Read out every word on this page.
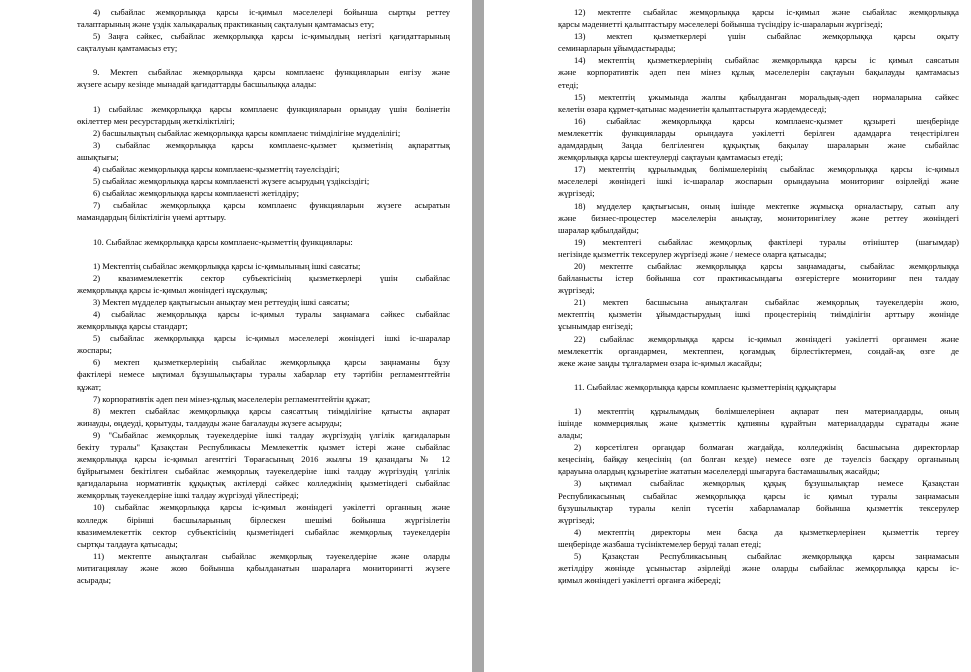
4) сыбайлас жемқорлыққа қарсы іс-қимыл мәселелері бойынша сыртқы реттеу
талаптарының және үздік халықаралық практиканың сақталуын қамтамасыз ету;
5) Заңға сәйкес, сыбайлас жемқорлыққа қарсы іс-қимылдың негізгі қағидаттарының
сақталуын қамтамасыз ету;
9. Мектеп сыбайлас жемқорлыққа қарсы комплаенс функцияларын енгізу және
жүзеге асыру кезінде мынадай қағидаттарды басшылыққа алады:
1) сыбайлас жемқорлыққа қарсы комплаенс функцияларын орындау үшін бөлінетін
өкілеттер мен ресурстардың жеткіліктілігі;
2) басшылықтың сыбайлас жемқорлыққа қарсы комплаенс тиімділігіне мүдделілігі;
3) сыбайлас жемқорлыққа қарсы комплаенс-қызмет қызметінің ақпараттық
ашықтығы;
4) сыбайлас жемқорлыққа қарсы комплаенс-қызметтің тәуелсіздігі;
5) сыбайлас жемқорлыққа қарсы комплаенсті жүзеге асырудың үздіксіздігі;
6) сыбайлас жемқорлыққа қарсы комплаенсті жетілдіру;
7) сыбайлас жемқорлыққа қарсы комплаенс функцияларын жүзеге асыратын
мамандардың біліктілігін үнемі арттыру.
10. Сыбайлас жемқорлыққа қарсы комплаенс-қызметтің функциялары:
1) Мектептің сыбайлас жемқорлыққа қарсы іс-қимылының ішкі саясаты;
2) квазимемлекеттік сектор субъектісінің қызметкерлері үшін сыбайлас
жемқорлыққа қарсы іс-қимыл жөніндегі нұсқаулық;
3) Мектеп мүдделер қақтығысын анықтау мен реттеудің ішкі саясаты;
4) сыбайлас жемқорлыққа қарсы іс-қимыл туралы заңнамаға сәйкес сыбайлас
жемқорлыққа қарсы стандарт;
5) сыбайлас жемқорлыққа қарсы іс-қимыл мәселелері жөніндегі ішкі іс-шаралар
жоспары;
6) мектеп қызметкерлерінің сыбайлас жемқорлыққа қарсы заңнаманы бұзу
фактілері немесе ықтимал бұзушылықтары туралы хабарлар ету тәртібін регламенттейтін
құжат;
7) корпоративтік әдеп пен мінез-құлық мәселелерін регламенттейтін құжат;
8) мектеп сыбайлас жемқорлыққа қарсы саясаттың тиімділігіне қатысты ақпарат
жинауды, өңдеуді, қорытуды, талдауды және бағалауды жүзеге асыруды;
9) "Сыбайлас жемқорлық тәуекелдеріне ішкі талдау жүргізудің үлгілік қағидаларын
бекіту туралы" Қазақстан Республикасы Мемлекеттік қызмет істері және сыбайлас
жемқорлыққа қарсы іс-қимыл агенттігі Төрағасының 2016 жылғы 19 қазандағы № 12
бұйрығымен бекітілген сыбайлас жемқорлық тәуекелдеріне ішкі талдау жүргізудің үлгілік
қағидаларына нормативтік құқықтық актілерді сәйкес колледжінің қызметіндегі сыбайлас
жемқорлық тәуекелдеріне ішкі талдау жүргізуді үйлестіреді;
10) сыбайлас жемқорлыққа қарсы іс-қимыл жөніндегі уәкілетті органның және
колледж бірінші басшыларының бірлескен шешімі бойынша жүргізілетін
квазимемлекеттік сектор субъектісінің қызметіндегі сыбайлас жемқорлық тәуекелдерін
сыртқы талдауға қатысады;
11) мектепте анықталған сыбайлас жемқорлық тәуекелдеріне және оларды
митигациялау және жою бойынша қабылданатын шараларға мониторингті жүзеге
асырады;
12) мектепте сыбайлас жемқорлыққа қарсы іс-қимыл және сыбайлас жемқорлыққа
қарсы мәдениетті қалыптастыру мәселелері бойынша түсіндіру іс-шараларын жүргізеді;
13) мектеп қызметкерлері үшін сыбайлас жемқорлыққа қарсы оқыту
семинарларын ұйымдастырады;
14) мектептің қызметкерлерінің сыбайлас жемқорлыққа қарсы іс қимыл саясатын
және корпоративтік әдеп пен мінез құлық мәселелерін сақтауын бақылауды қамтамасыз
етеді;
15) мектептің ұжымында жалпы қабылданған моральдық-әдеп нормаларына сәйкес
келетін өзара құрмет-қатынас мәдениетін қалыптастыруға жәрдемдеседі;
16) сыбайлас жемқорлыққа қарсы комплаенс-қызмет құзыреті шеңберінде
мемлекеттік функцияларды орындауға уәкілетті берілген адамдарға теңестірілген
адамдардың Заңда белгіленген құқықтық бақылау шараларын және сыбайлас
жемқорлыққа қарсы шектеулерді сақтауын қамтамасыз етеді;
17) мектептің құрылымдық бөлімшелерінің сыбайлас жемқорлыққа қарсы іс-қимыл
мәселелері жөніндегі ішкі іс-шаралар жоспарын орындауына мониторинг өзірлейді және
жүргізеді;
18) мүдделер қақтығысын, оның ішінде мектепке жұмысқа орналастыру, сатып алу
және бизнес-процестер мәселелерін анықтау, мониторингілеу және реттеу жөніндегі
шаралар қабылдайды;
19) мектептегі сыбайлас жемқорлық фактілері туралы өтініштер (шағымдар)
негізінде қызметтік тексерулер жүргізеді және / немесе оларға қатысады;
20) мектепте сыбайлас жемқорлыққа қарсы заңнамадағы, сыбайлас жемқорлыққа
байланысты істер бойынша сот практикасындағы өзгерістерге мониторинг пен талдау
жүргізеді;
21) мектеп басшысына анықталған сыбайлас жемқорлық тәуекелдерін жою,
мектептің қызметін ұйымдастырудың ішкі процестерінің тиімділігін арттыру жөнінде
ұсынымдар енгізеді;
22) сыбайлас жемқорлыққа қарсы іс-қимыл жөніндегі уәкілетті органмен және
мемлекеттік органдармен, мектеппен, қоғамдық бірлестіктермен, сондай-ақ өзге де
жеке және заңды тұлғалармен өзара іс-қимыл жасайды;
11. Сыбайлас жемқорлыққа қарсы комплаенс қызметтерінің құқықтары
1) мектептің құрылымдық бөлімшелерінен ақпарат пен материалдарды, оның
ішінде коммерциялық және қызметтік құпияны құрайтын материалдарды сұратады және
алады;
2) көрсетілген органдар болмаған жағдайда, колледжінің басшысына директорлар
кеңесінің, байқау кеңесінің (ол болған кезде) немесе өзге де тәуелсіз басқару органының
қарауына олардың құзыретіне жататын мәселелерді шығаруға бастамашылық жасайды;
3) ықтимал сыбайлас жемқорлық құқық бұзушылықтар немесе Қазақстан
Республикасының сыбайлас жемқорлыққа қарсы іс қимыл туралы заңнамасын
бұзушылықтар туралы келіп түсетін хабарламалар бойынша қызметтік тексерулер
жүргізеді;
4) мектептің директоры мен басқа да қызметкерлерінен қызметтік тергеу
шеңберінде жазбаша түсініктемелер беруді талап етеді;
5) Қазақстан Республикасының сыбайлас жемқорлыққа қарсы заңнамасын
жетілдіру жөнінде ұсыныстар әзірлейді және оларды сыбайлас жемқорлыққа қарсы іс-
қимыл жөніндегі уәкілетті органға жібереді;
